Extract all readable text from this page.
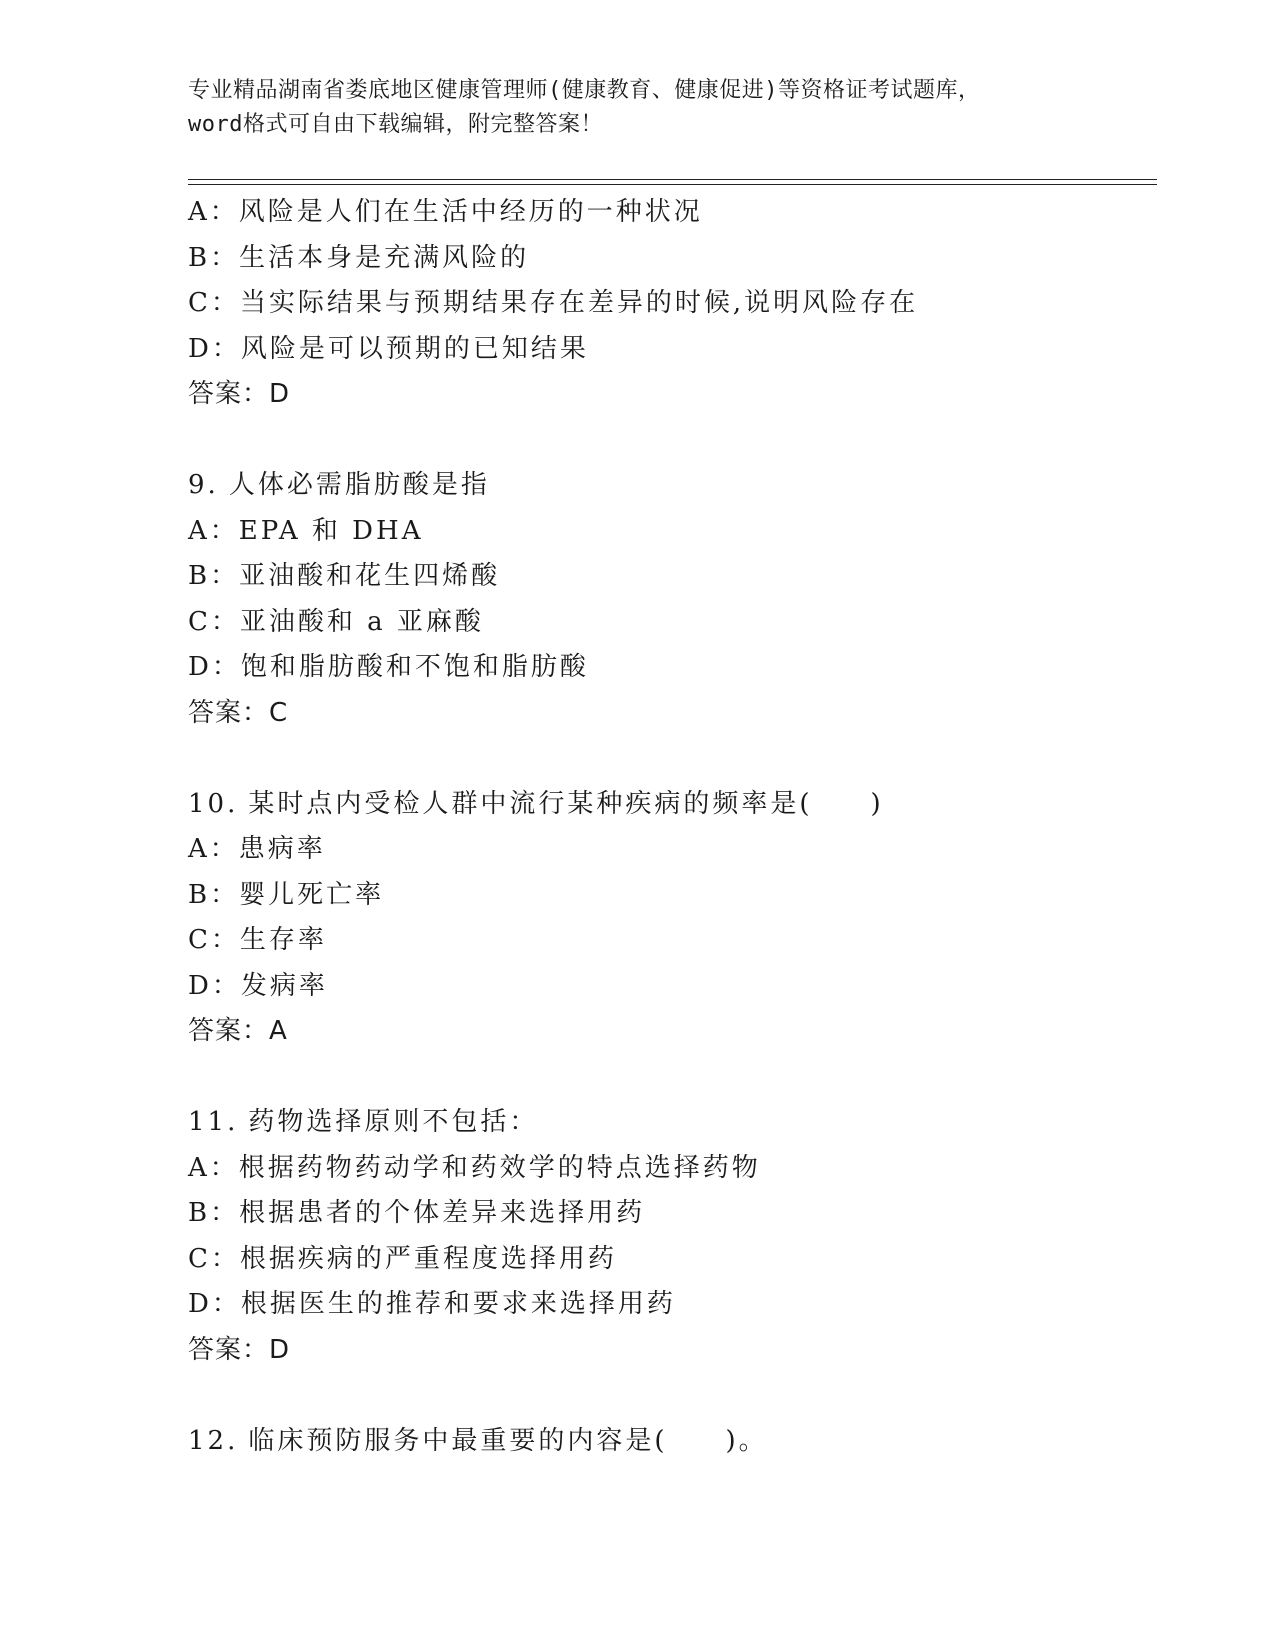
专业精品湖南省娄底地区健康管理师(健康教育、健康促进)等资格证考试题库，
word格式可自由下载编辑，附完整答案！
A：风险是人们在生活中经历的一种状况
B：生活本身是充满风险的
C：当实际结果与预期结果存在差异的时候,说明风险存在
D：风险是可以预期的已知结果
答案：D
9. 人体必需脂肪酸是指
A：EPA 和 DHA
B：亚油酸和花生四烯酸
C：亚油酸和 a 亚麻酸
D：饱和脂肪酸和不饱和脂肪酸
答案：C
10. 某时点内受检人群中流行某种疾病的频率是(　　)
A：患病率
B：婴儿死亡率
C：生存率
D：发病率
答案：A
11. 药物选择原则不包括：
A：根据药物药动学和药效学的特点选择药物
B：根据患者的个体差异来选择用药
C：根据疾病的严重程度选择用药
D：根据医生的推荐和要求来选择用药
答案：D
12. 临床预防服务中最重要的内容是(　　)。
